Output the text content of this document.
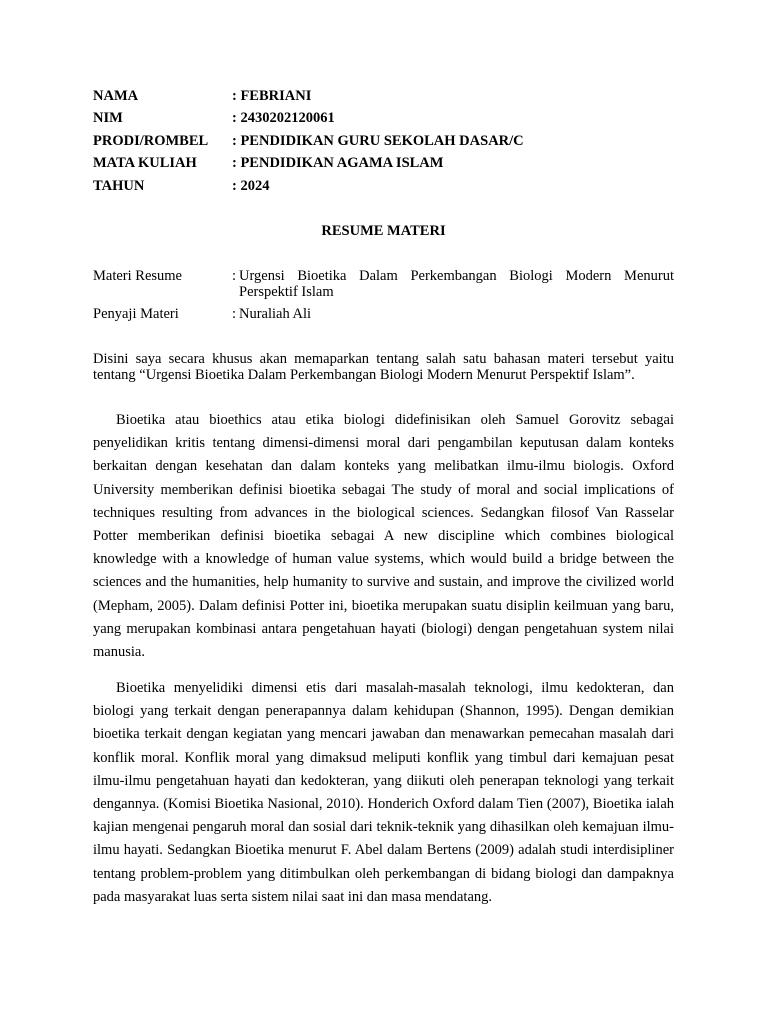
NAMA	: FEBRIANI
NIM	: 2430202120061
PRODI/ROMBEL : PENDIDIKAN GURU SEKOLAH DASAR/C
MATA KULIAH : PENDIDIKAN AGAMA ISLAM
TAHUN	: 2024
RESUME MATERI
Materi Resume	: Urgensi Bioetika Dalam Perkembangan Biologi Modern Menurut Perspektif Islam
Penyaji Materi	: Nuraliah Ali
Disini saya secara khusus akan memaparkan tentang salah satu bahasan materi tersebut yaitu tentang “Urgensi Bioetika Dalam Perkembangan Biologi Modern Menurut Perspektif Islam”.
Bioetika atau bioethics atau etika biologi didefinisikan oleh Samuel Gorovitz sebagai penyelidikan kritis tentang dimensi-dimensi moral dari pengambilan keputusan dalam konteks berkaitan dengan kesehatan dan dalam konteks yang melibatkan ilmu-ilmu biologis. Oxford University memberikan definisi bioetika sebagai The study of moral and social implications of techniques resulting from advances in the biological sciences. Sedangkan filosof Van Rasselar Potter memberikan definisi bioetika sebagai A new discipline which combines biological knowledge with a knowledge of human value systems, which would build a bridge between the sciences and the humanities, help humanity to survive and sustain, and improve the civilized world (Mepham, 2005). Dalam definisi Potter ini, bioetika merupakan suatu disiplin keilmuan yang baru, yang merupakan kombinasi antara pengetahuan hayati (biologi) dengan pengetahuan system nilai manusia.
Bioetika menyelidiki dimensi etis dari masalah-masalah teknologi, ilmu kedokteran, dan biologi yang terkait dengan penerapannya dalam kehidupan (Shannon, 1995). Dengan demikian bioetika terkait dengan kegiatan yang mencari jawaban dan menawarkan pemecahan masalah dari konflik moral. Konflik moral yang dimaksud meliputi konflik yang timbul dari kemajuan pesat ilmu-ilmu pengetahuan hayati dan kedokteran, yang diikuti oleh penerapan teknologi yang terkait dengannya. (Komisi Bioetika Nasional, 2010). Honderich Oxford dalam Tien (2007), Bioetika ialah kajian mengenai pengaruh moral dan sosial dari teknik-teknik yang dihasilkan oleh kemajuan ilmu-ilmu hayati. Sedangkan Bioetika menurut F. Abel dalam Bertens (2009) adalah studi interdisipliner tentang problem-problem yang ditimbulkan oleh perkembangan di bidang biologi dan dampaknya pada masyarakat luas serta sistem nilai saat ini dan masa mendatang.
